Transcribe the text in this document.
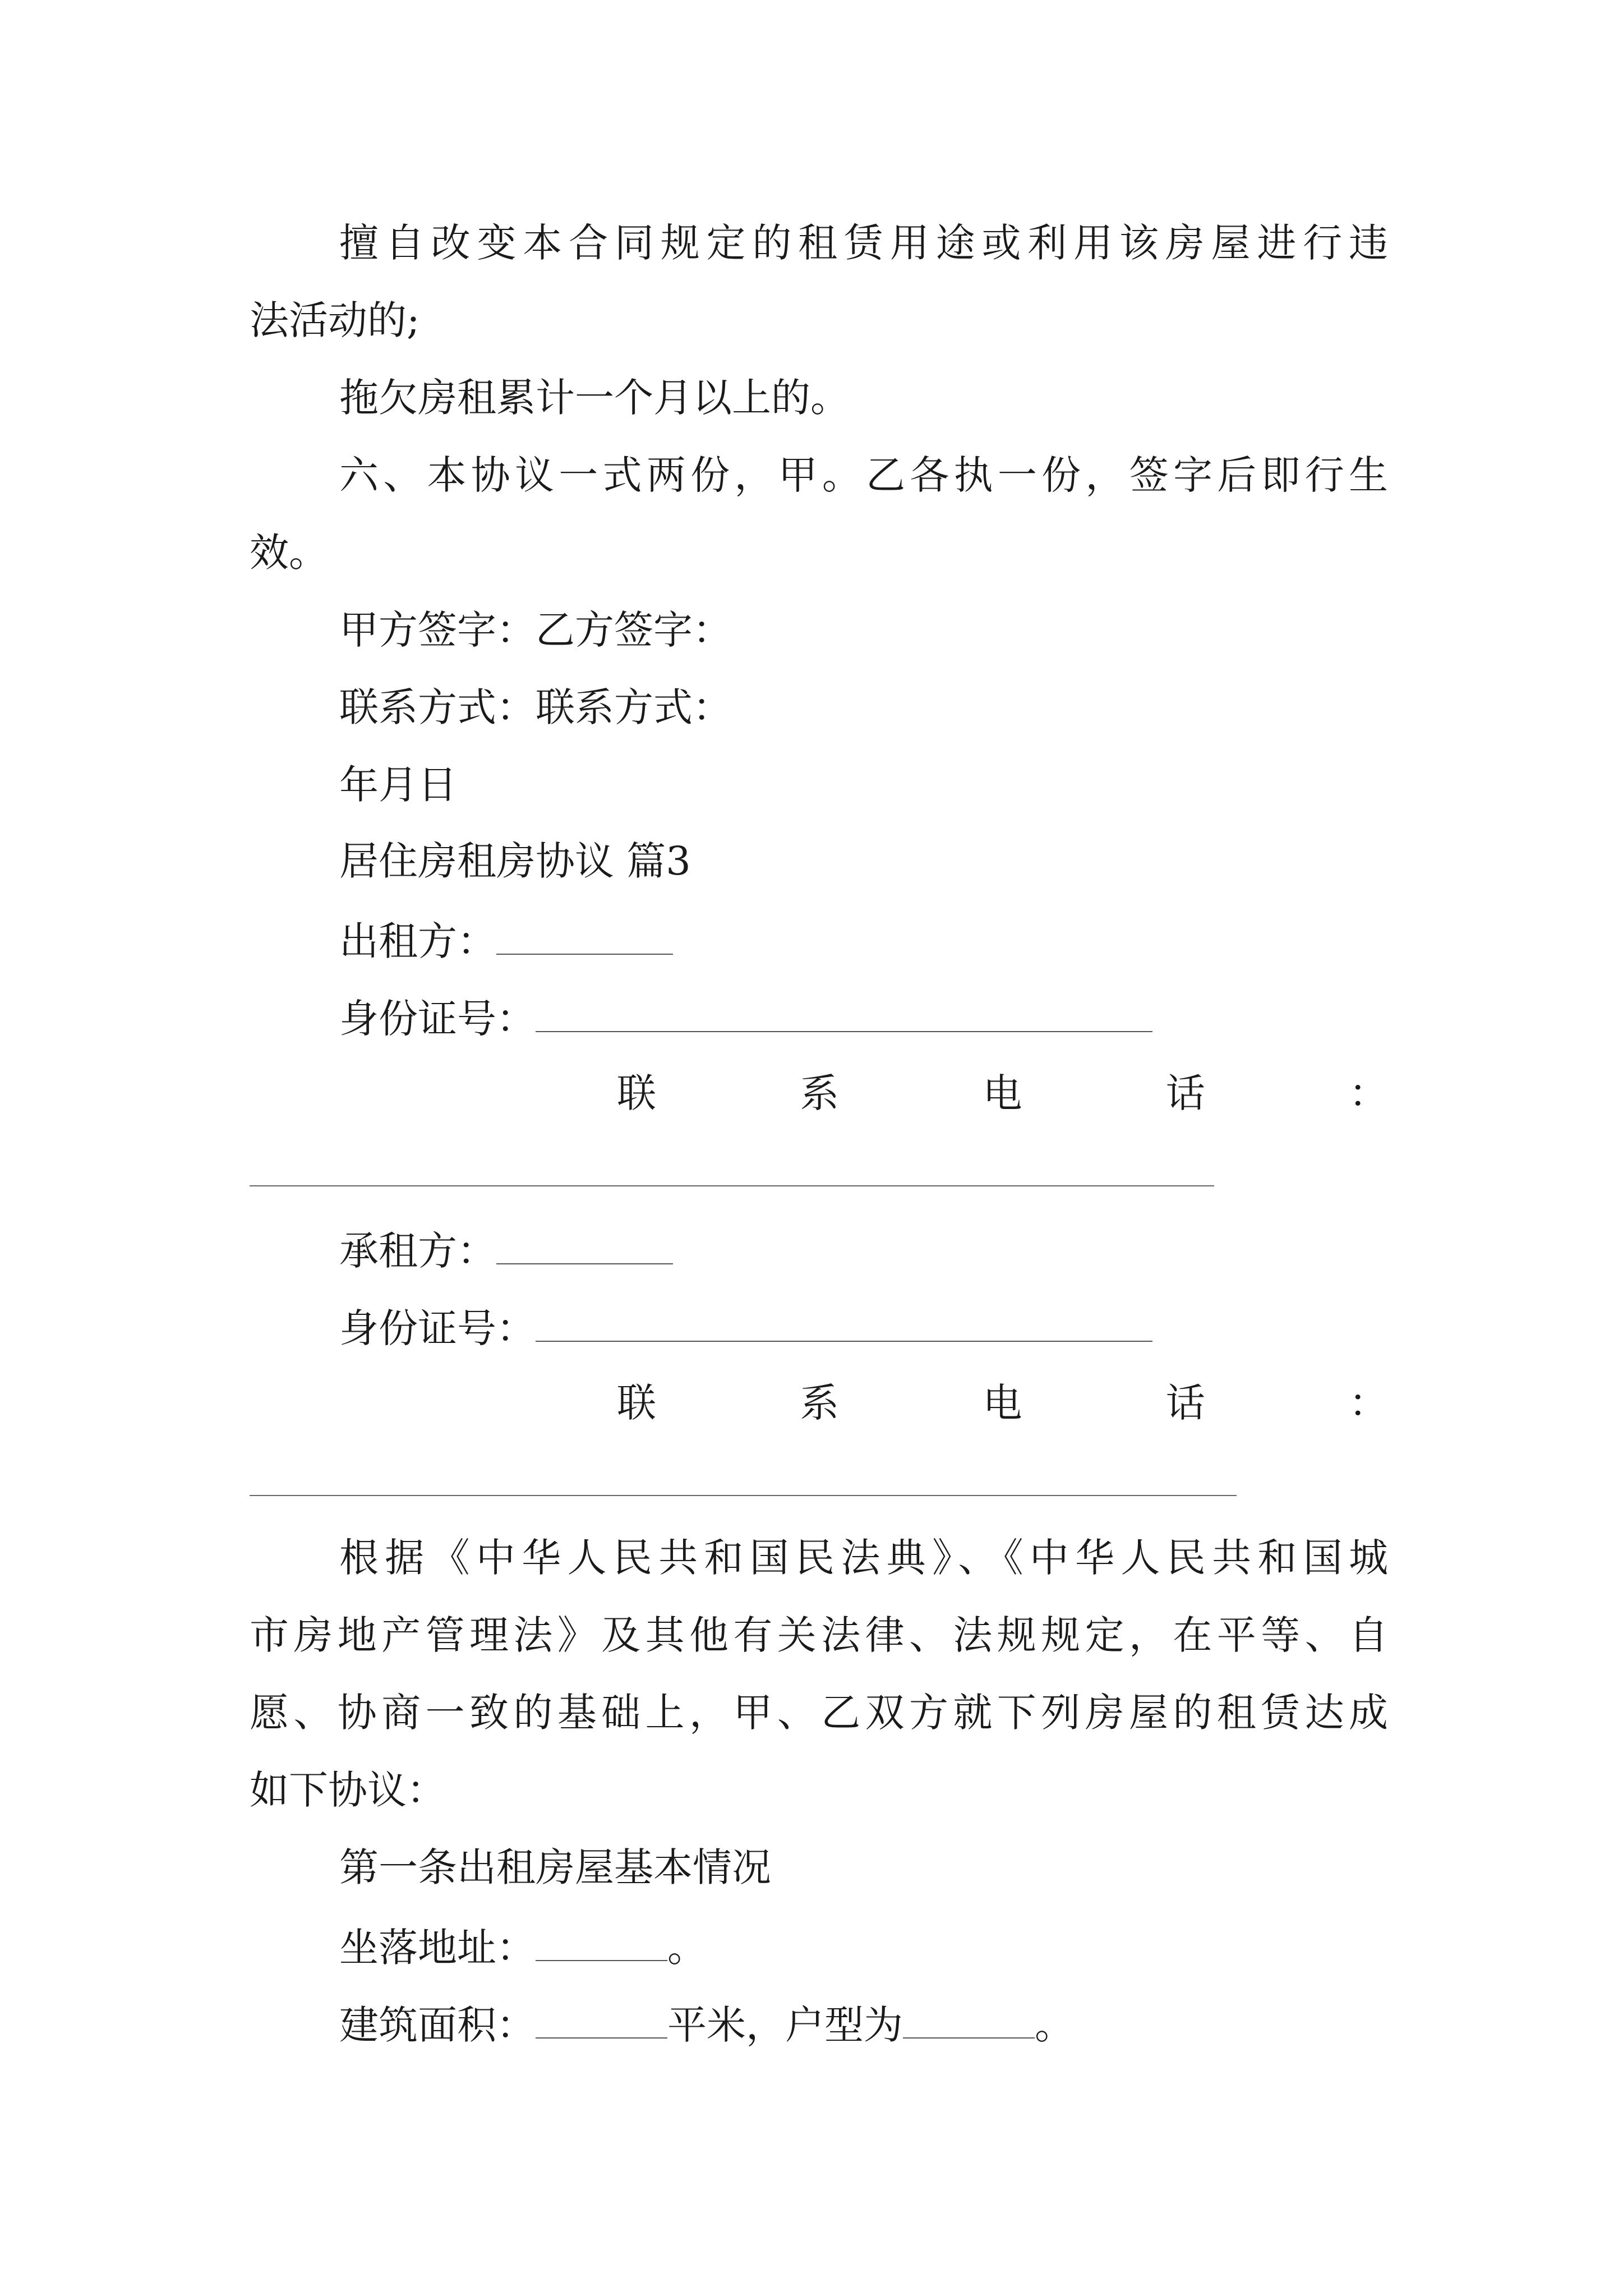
擅自改变本合同规定的租赁用途或利用该房屋进行违
法活动的;
拖欠房租累计一个月以上的。
六、本协议一式两份，甲。乙各执一份，签字后即行生
效。
甲方签字：乙方签字：
联系方式：联系方式：
年月日
居住房租房协议 篇3
出租方：
身份证号：
联系电话：
承租方：
身份证号：
联系电话：
根据《中华人民共和国民法典》、《中华人民共和国城
市房地产管理法》及其他有关法律、法规规定，在平等、自
愿、协商一致的基础上，甲、乙双方就下列房屋的租赁达成
如下协议：
第一条出租房屋基本情况
坐落地址：	。
建筑面积：	平米，户型为	。
